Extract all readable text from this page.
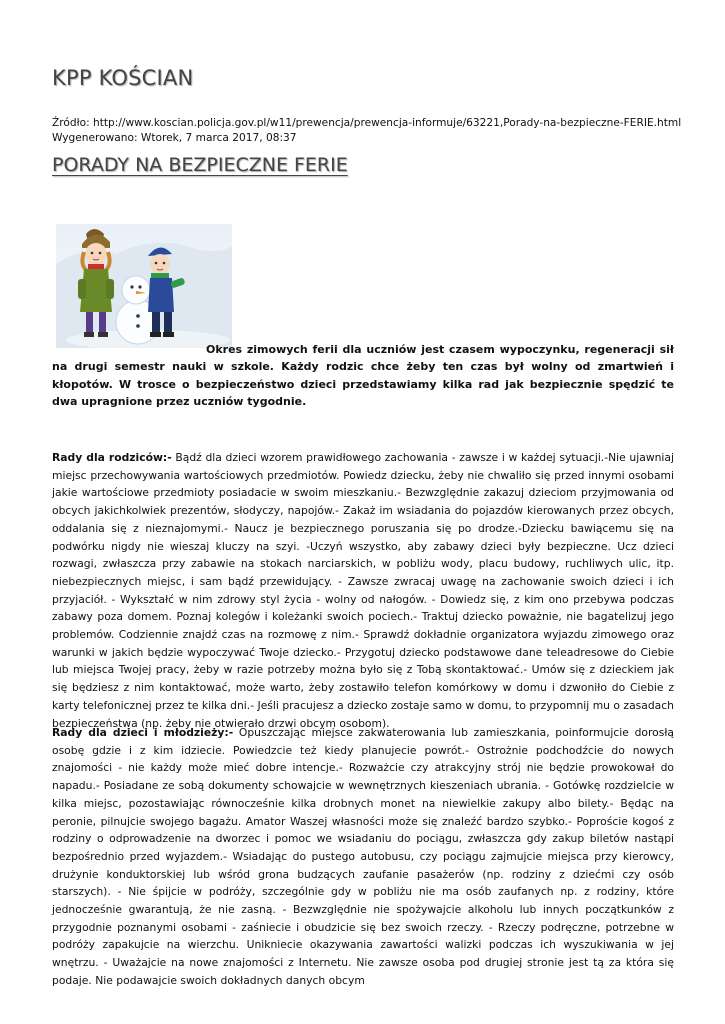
KPP KOŚCIAN
Źródło: http://www.koscian.policja.gov.pl/w11/prewencja/prewencja-informuje/63221,Porady-na-bezpieczne-FERIE.html
Wygenerowano: Wtorek, 7 marca 2017, 08:37
PORADY NA BEZPIECZNE FERIE
Okres zimowych ferii dla uczniów jest czasem wypoczynku, regeneracji sił na drugi semestr nauki w szkole. Każdy rodzic chce żeby ten czas był wolny od zmartwień i kłopotów. W trosce o bezpieczeństwo dzieci przedstawiamy kilka rad jak bezpiecznie spędzić te dwa upragnione przez uczniów tygodnie.
Rady dla rodziców:- Bądź dla dzieci wzorem prawidłowego zachowania - zawsze i w każdej sytuacji.-Nie ujawniaj miejsc przechowywania wartościowych przedmiotów. Powiedz dziecku, żeby nie chwaliło się przed innymi osobami jakie wartościowe przedmioty posiadacie w swoim mieszkaniu.- Bezwzględnie zakazuj dzieciom przyjmowania od obcych jakichkolwiek prezentów, słodyczy, napojów.- Zakaż im wsiadania do pojazdów kierowanych przez obcych, oddalania się z nieznajomymi.- Naucz je bezpiecznego poruszania się po drodze.-Dziecku bawiącemu się na podwórku nigdy nie wieszaj kluczy na szyi. -Uczyń wszystko, aby zabawy dzieci były bezpieczne. Ucz dzieci rozwagi, zwłaszcza przy zabawie na stokach narciarskich, w pobliżu wody, placu budowy, ruchliwych ulic, itp. niebezpiecznych miejsc, i sam bądź przewidujący. - Zawsze zwracaj uwagę na zachowanie swoich dzieci i ich przyjaciół. - Wykształć w nim zdrowy styl życia - wolny od nałogów. - Dowiedz się, z kim ono przebywa podczas zabawy poza domem. Poznaj kolegów i koleżanki swoich pociech.- Traktuj dziecko poważnie, nie bagatelizuj jego problemów. Codziennie znajdź czas na rozmowę z nim.- Sprawdź dokładnie organizatora wyjazdu zimowego oraz warunki w jakich będzie wypoczywać Twoje dziecko.- Przygotuj dziecko podstawowe dane teleadresowe do Ciebie lub miejsca Twojej pracy, żeby w razie potrzeby można było się z Tobą skontaktować.- Umów się z dzieckiem jak się będziesz z nim kontaktować, może warto, żeby zostawiło telefon komórkowy w domu i dzwoniło do Ciebie z karty telefonicznej przez te kilka dni.- Jeśli pracujesz a dziecko zostaje samo w domu, to przypomnij mu o zasadach bezpieczeństwa (np. żeby nie otwierało drzwi obcym osobom).
Rady dla dzieci i młodzieży:- Opuszczając miejsce zakwaterowania lub zamieszkania, poinformujcie dorosłą osobę gdzie i z kim idziecie. Powiedzcie też kiedy planujecie powrót.- Ostrożnie podchodźcie do nowych znajomości - nie każdy może mieć dobre intencje.- Rozważcie czy atrakcyjny strój nie będzie prowokował do napadu.- Posiadane ze sobą dokumenty schowajcie w wewnętrznych kieszeniach ubrania. - Gotówkę rozdzielcie w kilka miejsc, pozostawiając równocześnie kilka drobnych monet na niewielkie zakupy albo bilety.- Będąc na peronie, pilnujcie swojego bagażu. Amator Waszej własności może się znaleźć bardzo szybko.- Poproście kogoś z rodziny o odprowadzenie na dworzec i pomoc we wsiadaniu do pociągu, zwłaszcza gdy zakup biletów nastąpi bezpośrednio przed wyjazdem.- Wsiadając do pustego autobusu, czy pociągu zajmujcie miejsca przy kierowcy, drużynie konduktorskiej lub wśród grona budzących zaufanie pasażerów (np. rodziny z dziećmi czy osób starszych). - Nie śpijcie w podróży, szczególnie gdy w pobliżu nie ma osób zaufanych np. z rodziny, które jednocześnie gwarantują, że nie zasną. - Bezwzględnie nie spożywajcie alkoholu lub innych początkunków z przygodnie poznanymi osobami - zaśniecie i obudzicie się bez swoich rzeczy. - Rzeczy podręczne, potrzebne w podróży zapakujcie na wierzchu. Unikniecie okazywania zawartości walizki podczas ich wyszukiwania w jej wnętrzu. - Uważajcie na nowe znajomości z Internetu. Nie zawsze osoba pod drugiej stronie jest tą za która się podaje. Nie podawajcie swoich dokładnych danych obcym
